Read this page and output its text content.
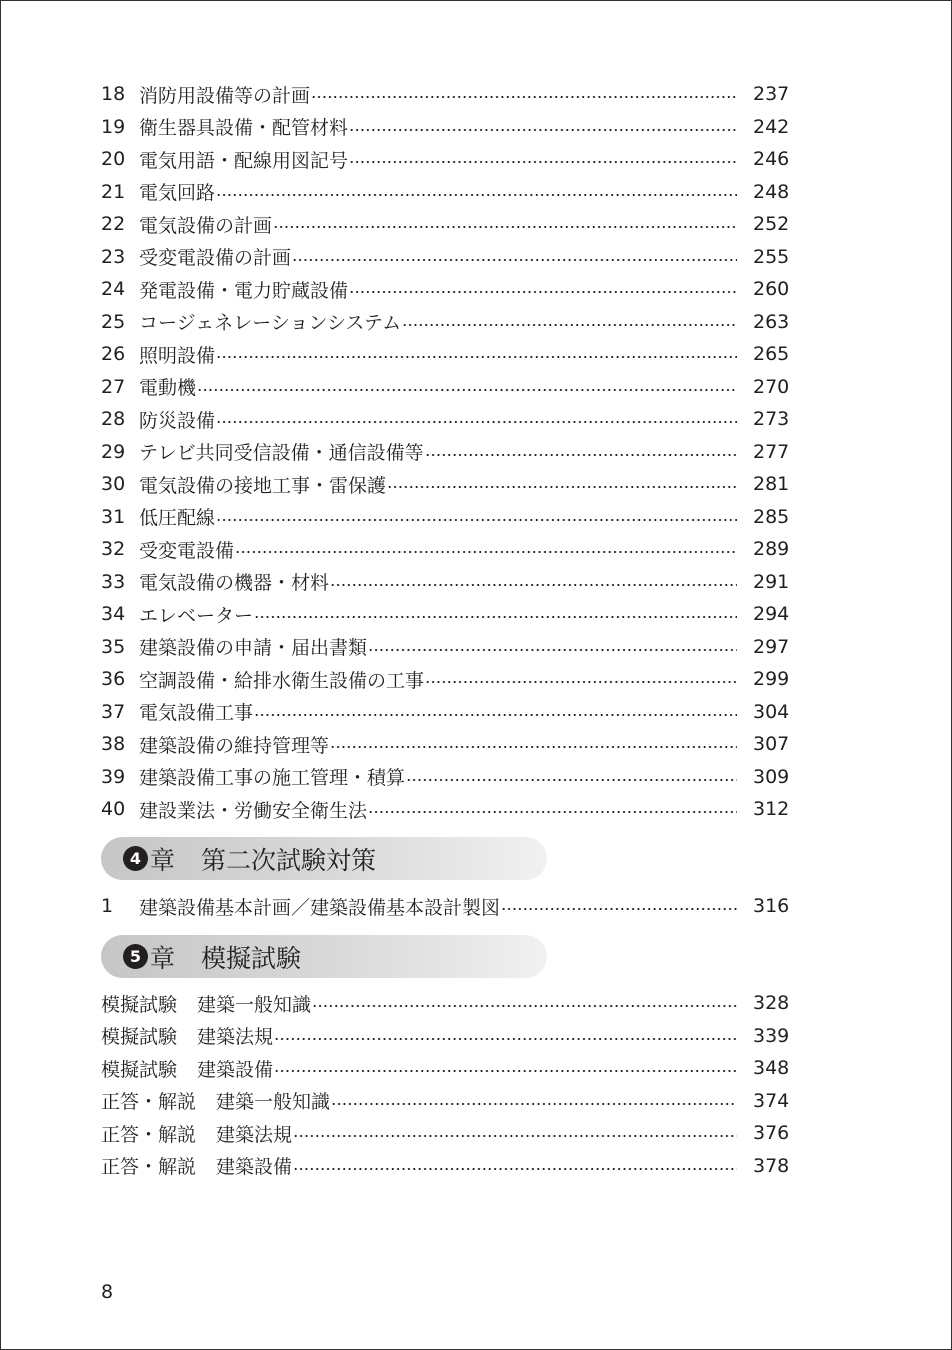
18 消防用設備等の計画	237
19 衛生器具設備・配管材料	242
20 電気用語・配線用図記号	246
21 電気回路	248
22 電気設備の計画	252
23 受変電設備の計画	255
24 発電設備・電力貯蔵設備	260
25 コージェネレーションシステム	263
26 照明設備	265
27 電動機	270
28 防災設備	273
29 テレビ共同受信設備・通信設備等	277
30 電気設備の接地工事・雷保護	281
31 低圧配線	285
32 受変電設備	289
33 電気設備の機器・材料	291
34 エレベーター	294
35 建築設備の申請・届出書類	297
36 空調設備・給排水衛生設備の工事	299
37 電気設備工事	304
38 建築設備の維持管理等	307
39 建築設備工事の施工管理・積算	309
40 建設業法・労働安全衛生法	312
4 章 第二次試験対策
1	建築設備基本計画／建築設備基本設計製図	316
5 章 模擬試験
模擬試験 建築一般知識	328
模擬試験 建築法規	339
模擬試験 建築設備	348
正答・解説 建築一般知識	374
正答・解説 建築法規	376
正答・解説 建築設備	378
8
